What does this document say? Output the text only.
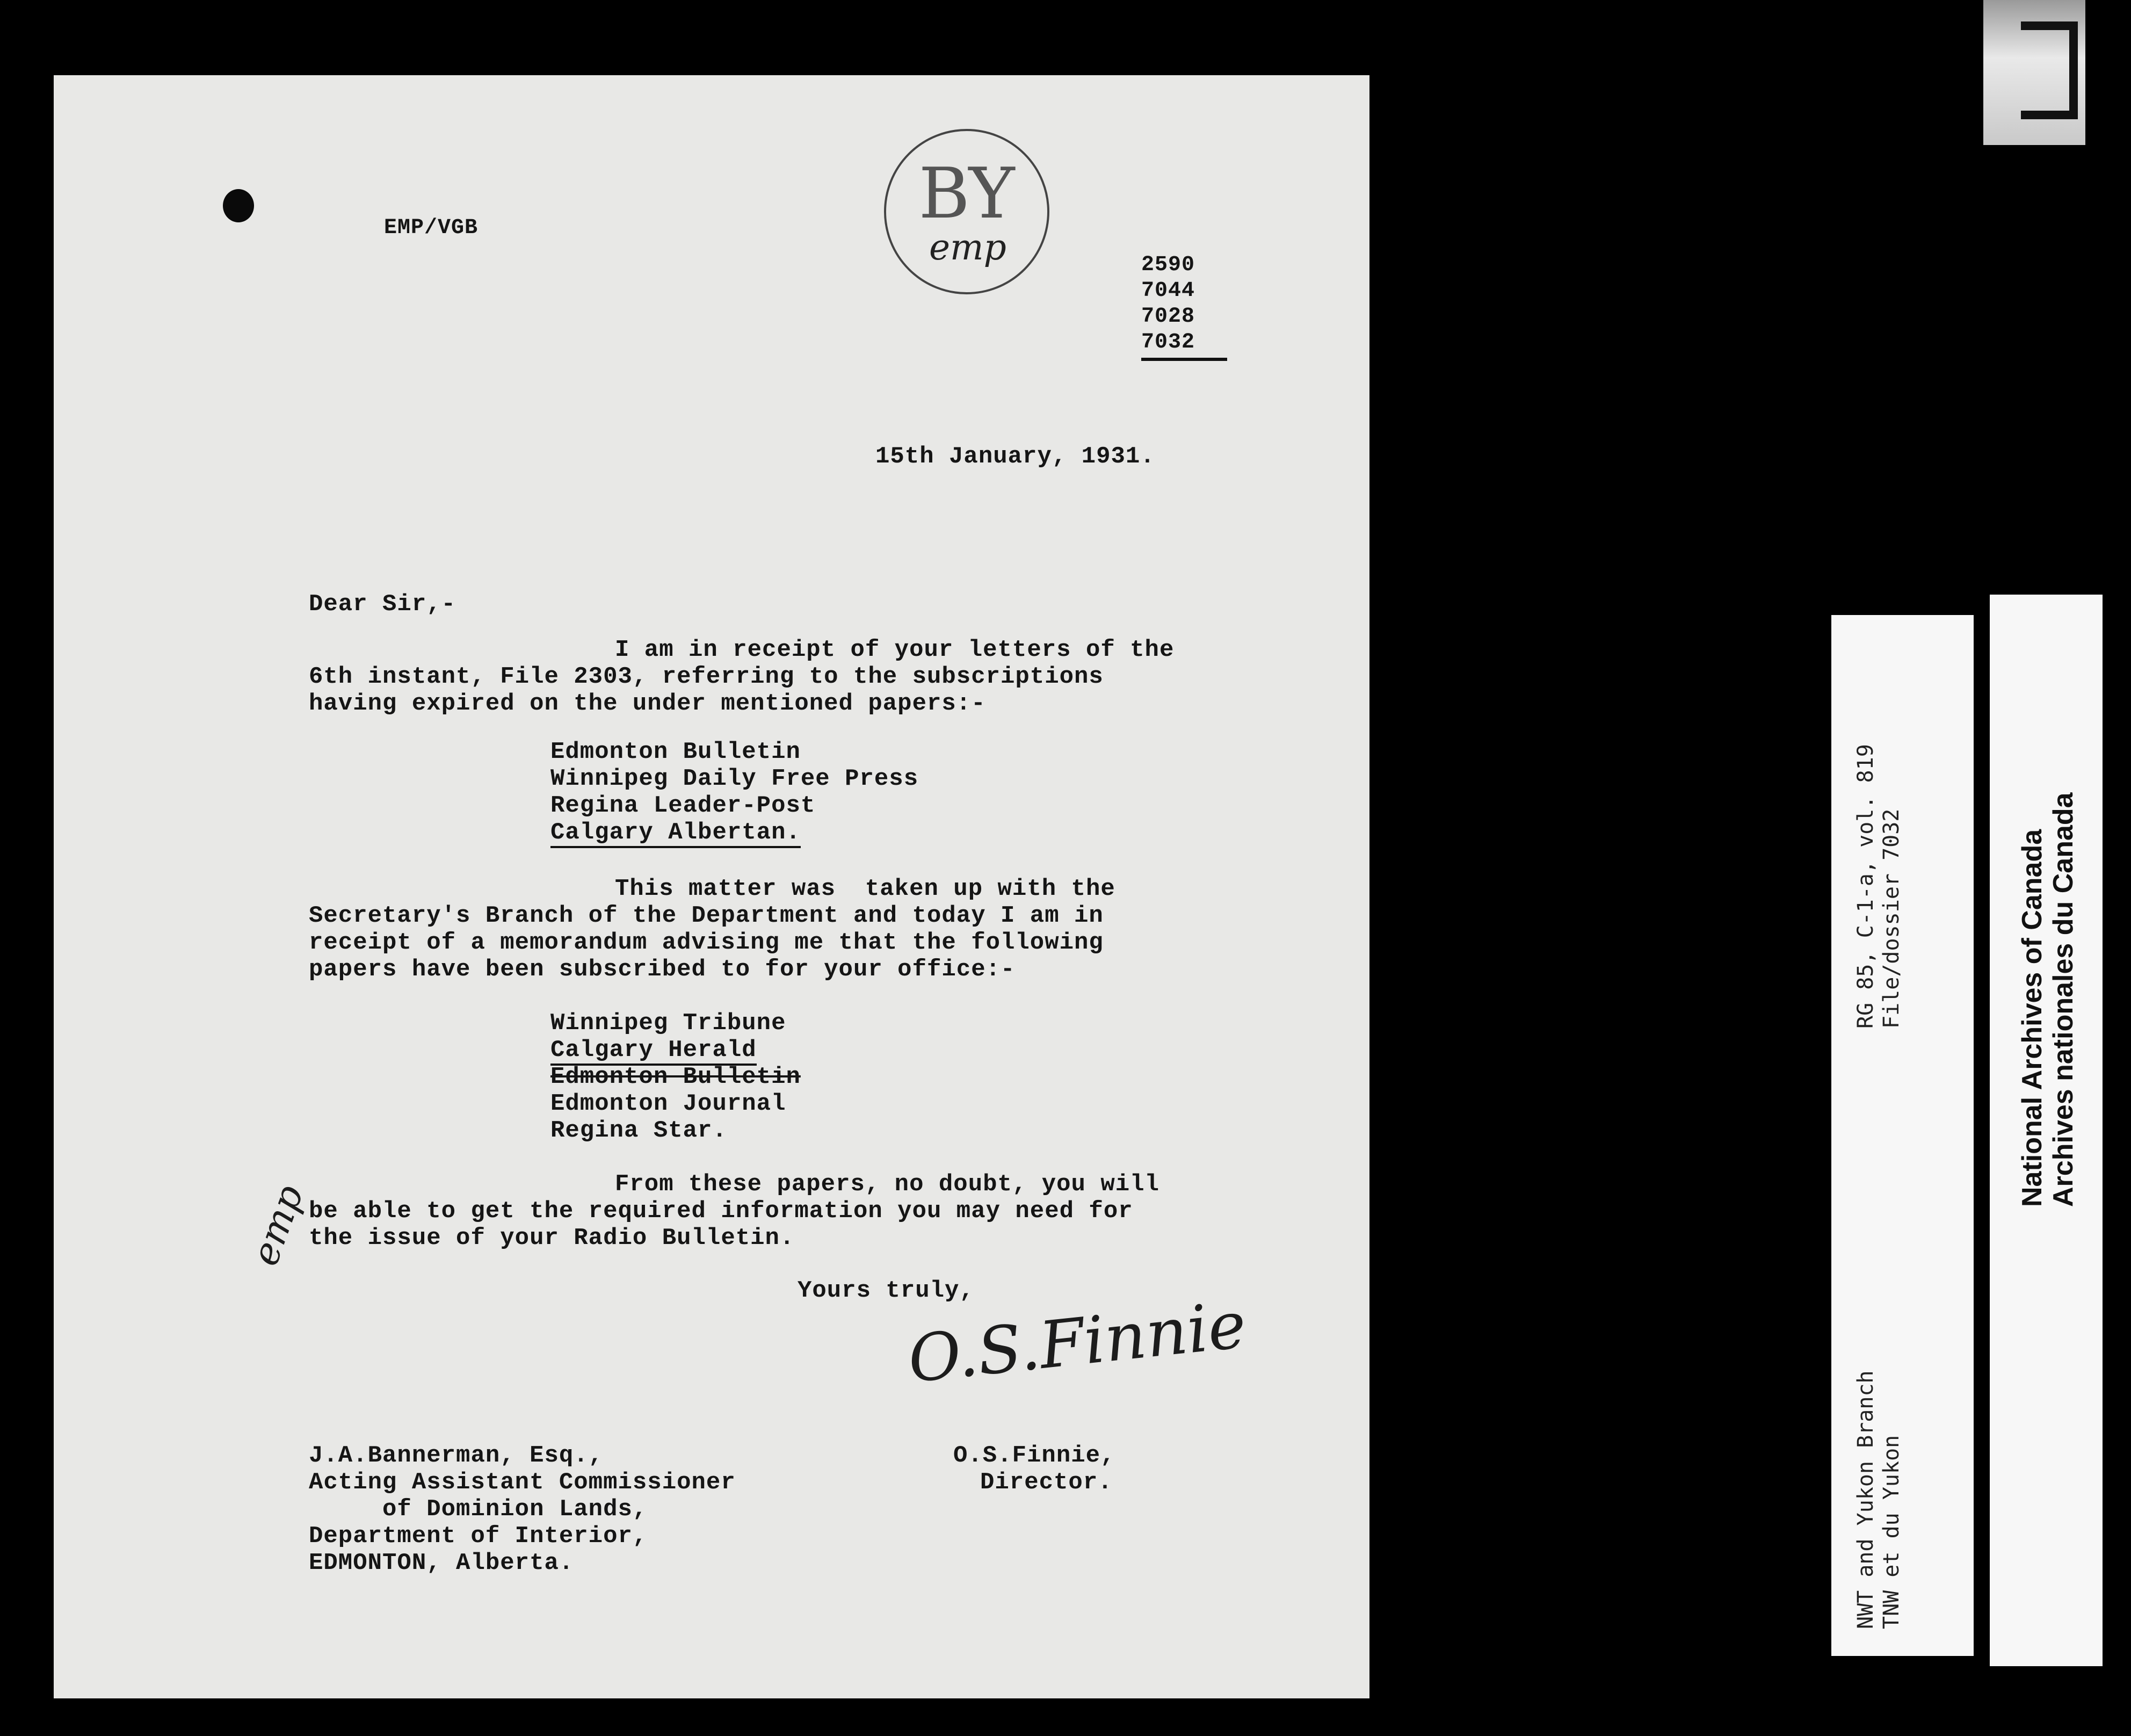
EMP/VGB	BY
emp	2590
7044
7028
7032
15th January, 1931.
Dear Sir,-
I am in receipt of your letters of the
6th instant, File 2303, referring to the subscriptions
having expired on the under mentioned papers:-
Edmonton Bulletin
Winnipeg Daily Free Press
Regina Leader-Post
Calgary Albertan.
This matter was  taken up with the
Secretary's Branch of the Department and today I am in
receipt of a memorandum advising me that the following
papers have been subscribed to for your office:-
Winnipeg Tribune
Calgary Herald
Edmonton Bulletin
Edmonton Journal
Regina Star.
emp	From these papers, no doubt, you will
be able to get the required information you may need for
the issue of your Radio Bulletin.
Yours truly,
O.S.Finnie
J.A.Bannerman, Esq.,
Acting Assistant Commissioner
of Dominion Lands,
Department of Interior,
EDMONTON, Alberta.
O.S.Finnie,
Director.
RG 85, C-1-a, vol. 819
File/dossier 7032
NWT and Yukon Branch
TNW et du Yukon
National Archives of Canada
Archives nationales du Canada
